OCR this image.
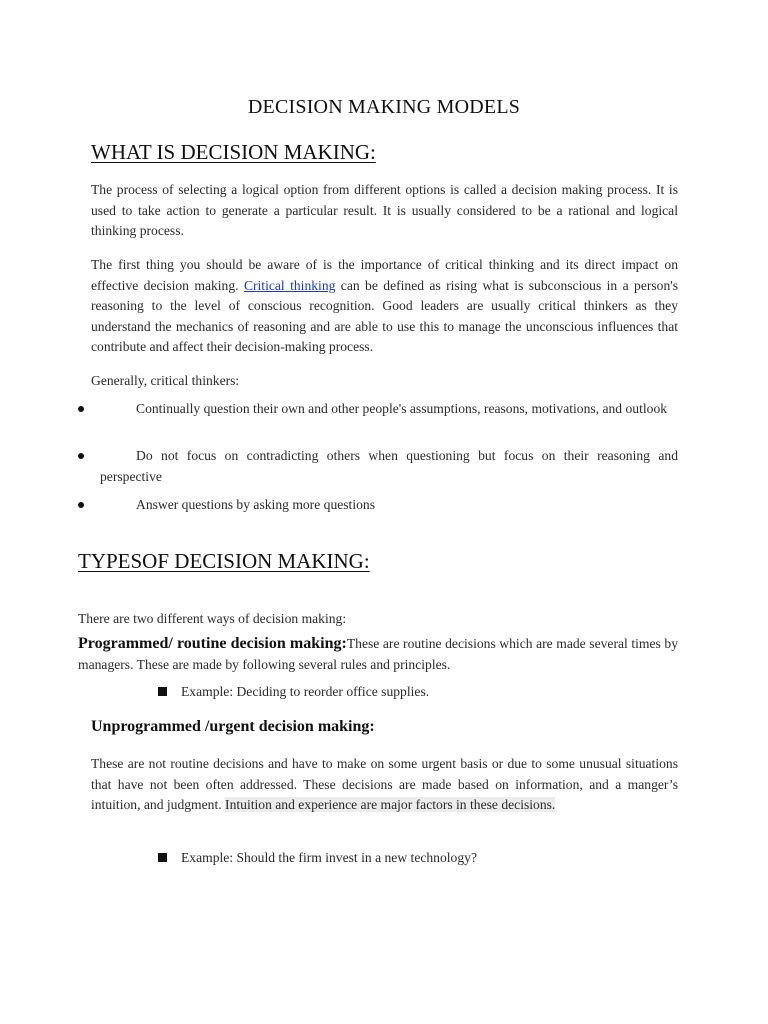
DECISION MAKING MODELS
WHAT IS DECISION MAKING:
The process of selecting a logical option from different options is called a decision making process. It is used to take action to generate a particular result. It is usually considered to be a rational and logical thinking process.
The first thing you should be aware of is the importance of critical thinking and its direct impact on effective decision making. Critical thinking can be defined as rising what is subconscious in a person's reasoning to the level of conscious recognition. Good leaders are usually critical thinkers as they understand the mechanics of reasoning and are able to use this to manage the unconscious influences that contribute and affect their decision-making process.
Generally, critical thinkers:
Continually question their own and other people's assumptions, reasons, motivations, and outlook
Do not focus on contradicting others when questioning but focus on their reasoning and perspective
Answer questions by asking more questions
TYPESOF DECISION MAKING:
There are two different ways of decision making:
Programmed/ routine decision making:These are routine decisions which are made several times by managers. These are made by following several rules and principles.
Example: Deciding to reorder office supplies.
Unprogrammed /urgent decision making:
These are not routine decisions and have to make on some urgent basis or due to some unusual situations that have not been often addressed. These decisions are made based on information, and a manger’s intuition, and judgment. Intuition and experience are major factors in these decisions.
Example: Should the firm invest in a new technology?
